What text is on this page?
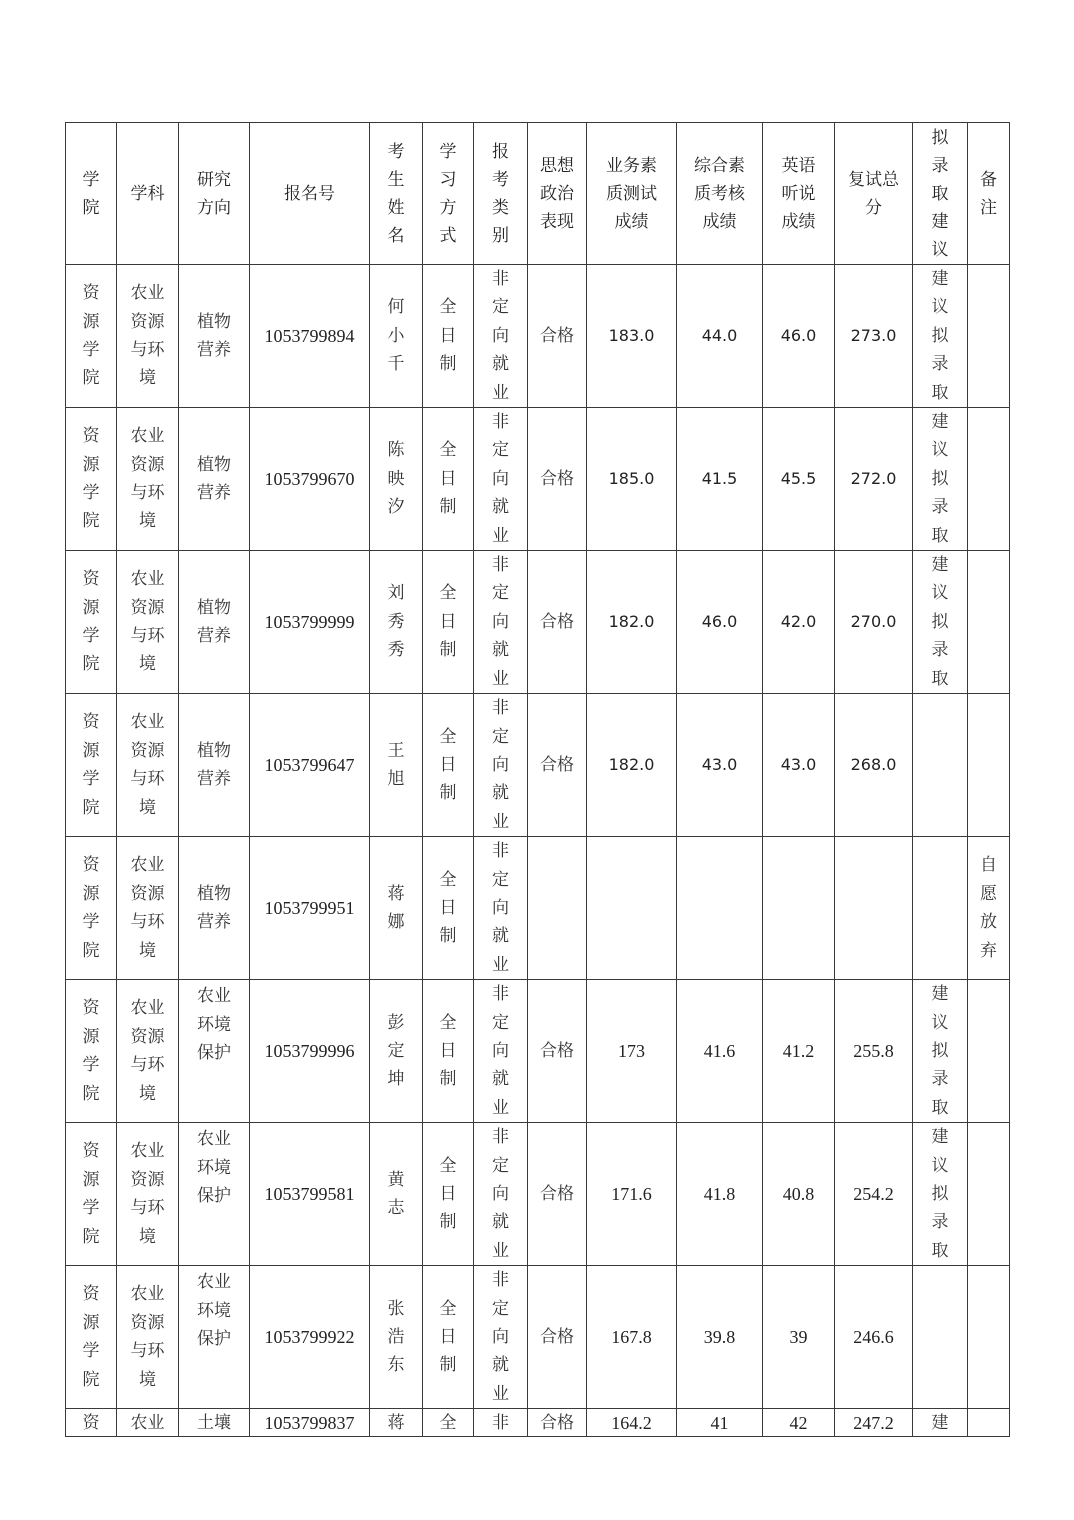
学院	学科	研究方向	报名号	考生姓名	学习方式	报考类别	思想政治表现	业务素质测试成绩	综合素质考核成绩	英语听说成绩	复试总分	拟录取建议	备注
资源学院	农业资源与环境	植物营养	1053799894	何小千	全日制	非定向就业	合格	183.0	44.0	46.0	273.0	建议拟录取	
资源学院	农业资源与环境	植物营养	1053799670	陈映汐	全日制	非定向就业	合格	185.0	41.5	45.5	272.0	建议拟录取	
资源学院	农业资源与环境	植物营养	1053799999	刘秀秀	全日制	非定向就业	合格	182.0	46.0	42.0	270.0	建议拟录取	
资源学院	农业资源与环境	植物营养	1053799647	王旭	全日制	非定向就业	合格	182.0	43.0	43.0	268.0		
资源学院	农业资源与环境	植物营养	1053799951	蒋娜	全日制	非定向就业							自愿放弃
资源学院	农业资源与环境	农业环境保护	1053799996	彭定坤	全日制	非定向就业	合格	173	41.6	41.2	255.8	建议拟录取	
资源学院	农业资源与环境	农业环境保护	1053799581	黄志	全日制	非定向就业	合格	171.6	41.8	40.8	254.2	建议拟录取	
资源学院	农业资源与环境	农业环境保护	1053799922	张浩东	全日制	非定向就业	合格	167.8	39.8	39	246.6		
资	农业	土壤	1053799837	蒋	全	非	合格	164.2	41	42	247.2	建	
